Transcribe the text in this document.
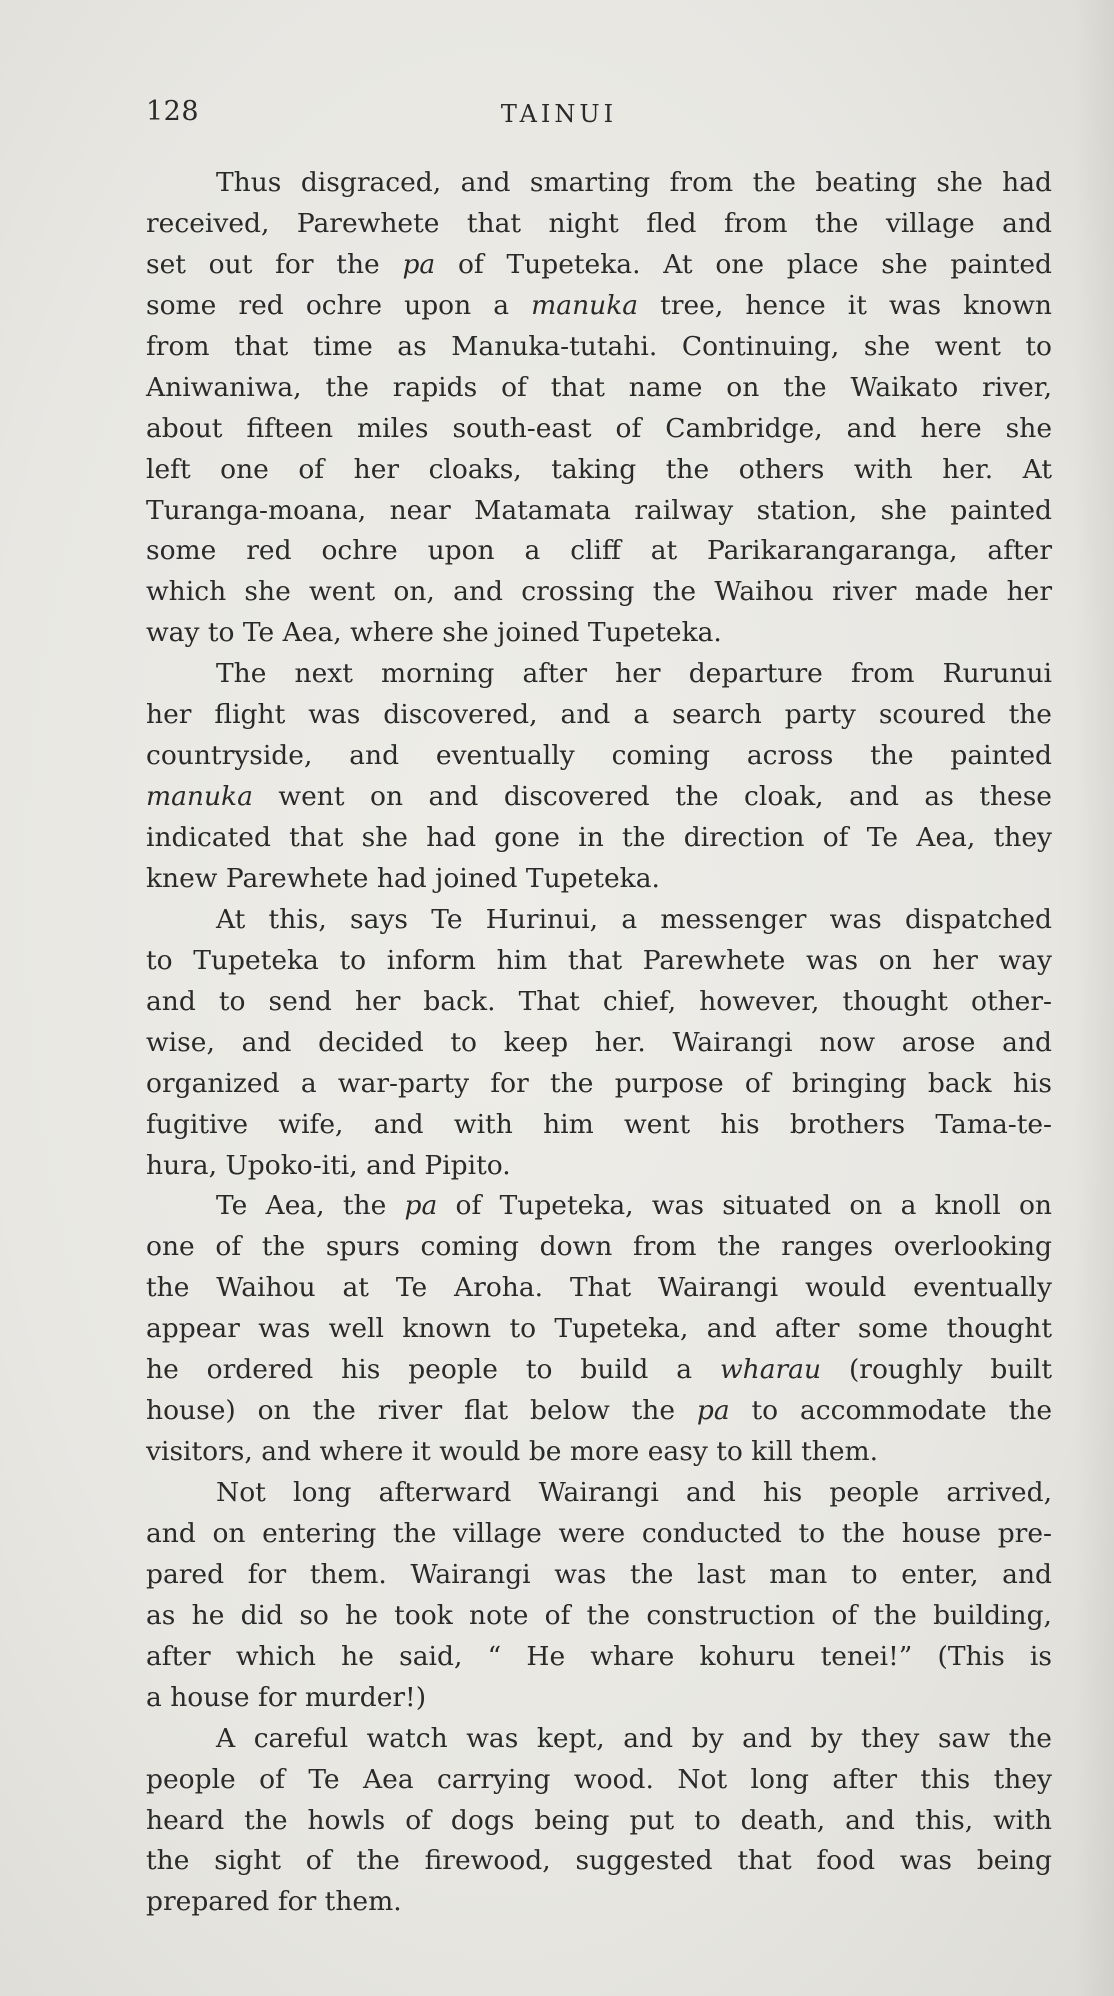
128	TAINUI
Thus disgraced, and smarting from the beating she had
received, Parewhete that night fled from the village and
set out for the pa of Tupeteka. At one place she painted
some red ochre upon a manuka tree, hence it was known
from that time as Manuka-tutahi. Continuing, she went to
Aniwaniwa, the rapids of that name on the Waikato river,
about fifteen miles south-east of Cambridge, and here she
left one of her cloaks, taking the others with her. At
Turanga-moana, near Matamata railway station, she painted
some red ochre upon a cliff at Parikarangaranga, after
which she went on, and crossing the Waihou river made her
way to Te Aea, where she joined Tupeteka.
The next morning after her departure from Rurunui
her flight was discovered, and a search party scoured the
countryside, and eventually coming across the painted
manuka went on and discovered the cloak, and as these
indicated that she had gone in the direction of Te Aea, they
knew Parewhete had joined Tupeteka.
At this, says Te Hurinui, a messenger was dispatched
to Tupeteka to inform him that Parewhete was on her way
and to send her back. That chief, however, thought other-
wise, and decided to keep her. Wairangi now arose and
organized a war-party for the purpose of bringing back his
fugitive wife, and with him went his brothers Tama-te-
hura, Upoko-iti, and Pipito.
Te Aea, the pa of Tupeteka, was situated on a knoll on
one of the spurs coming down from the ranges overlooking
the Waihou at Te Aroha. That Wairangi would eventually
appear was well known to Tupeteka, and after some thought
he ordered his people to build a wharau (roughly built
house) on the river flat below the pa to accommodate the
visitors, and where it would be more easy to kill them.
Not long afterward Wairangi and his people arrived,
and on entering the village were conducted to the house pre-
pared for them. Wairangi was the last man to enter, and
as he did so he took note of the construction of the building,
after which he said, “ He whare kohuru tenei!” (This is
a house for murder!)
A careful watch was kept, and by and by they saw the
people of Te Aea carrying wood. Not long after this they
heard the howls of dogs being put to death, and this, with
the sight of the firewood, suggested that food was being
prepared for them.
